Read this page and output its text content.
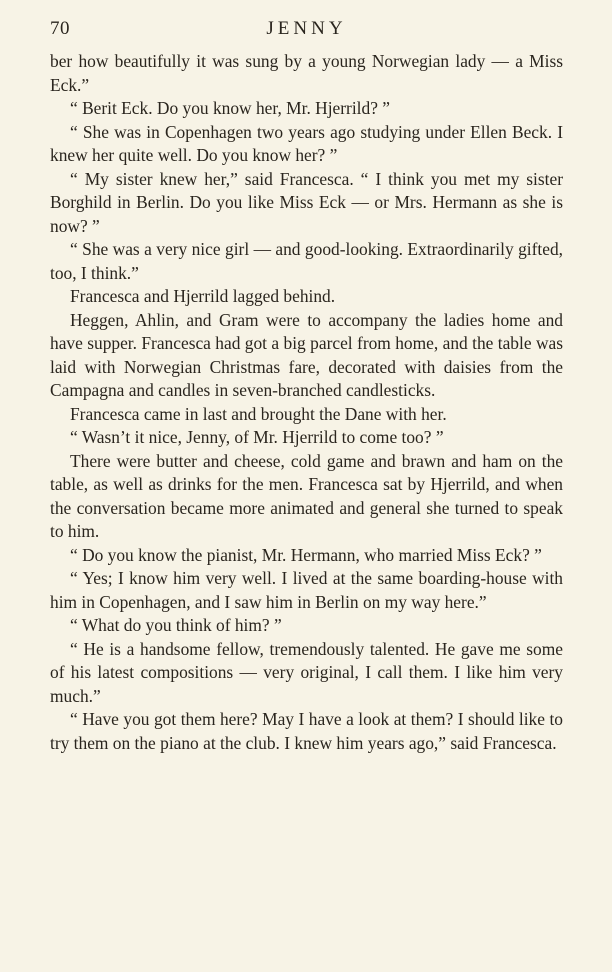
70	JENNY

ber how beautifully it was sung by a young Norwegian lady — a Miss Eck.”

“ Berit Eck. Do you know her, Mr. Hjerrild? ”

“ She was in Copenhagen two years ago studying under Ellen Beck. I knew her quite well. Do you know her? ”

“ My sister knew her,” said Francesca. “ I think you met my sister Borghild in Berlin. Do you like Miss Eck — or Mrs. Hermann as she is now? ”

“ She was a very nice girl — and good-looking. Extraordinarily gifted, too, I think.”

Francesca and Hjerrild lagged behind.

Heggen, Ahlin, and Gram were to accompany the ladies home and have supper. Francesca had got a big parcel from home, and the table was laid with Norwegian Christmas fare, decorated with daisies from the Campagna and candles in seven-branched candlesticks.

Francesca came in last and brought the Dane with her.

“ Wasn’t it nice, Jenny, of Mr. Hjerrild to come too? ”

There were butter and cheese, cold game and brawn and ham on the table, as well as drinks for the men. Francesca sat by Hjerrild, and when the conversation became more animated and general she turned to speak to him.

“ Do you know the pianist, Mr. Hermann, who married Miss Eck? ”

“ Yes; I know him very well. I lived at the same boarding-house with him in Copenhagen, and I saw him in Berlin on my way here.”

“ What do you think of him? ”

“ He is a handsome fellow, tremendously talented. He gave me some of his latest compositions — very original, I call them. I like him very much.”

“ Have you got them here? May I have a look at them? I should like to try them on the piano at the club. I knew him years ago,” said Francesca.
